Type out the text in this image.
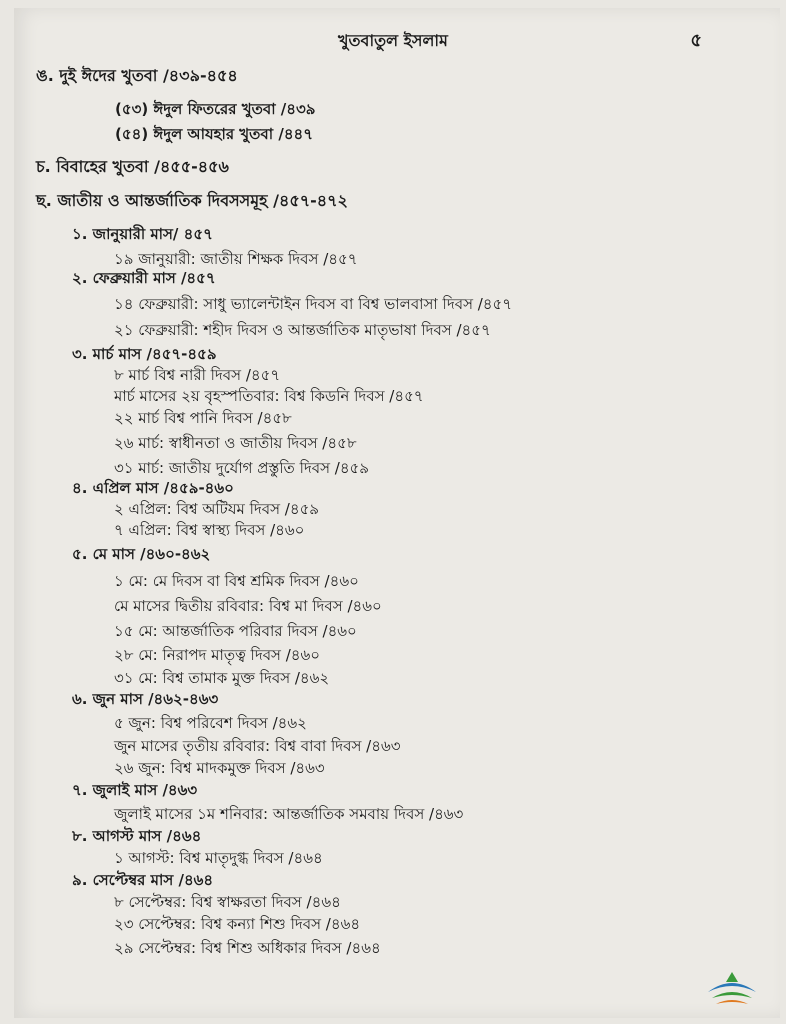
খুতবাতুল ইসলাম	৫
ঙ. দুই ঈদের খুতবা /৪৩৯-৪৫৪
(৫৩) ঈদুল ফিতরের খুতবা /৪৩৯
(৫৪) ঈদুল আযহার খুতবা /৪৪৭
চ. বিবাহের খুতবা /৪৫৫-৪৫৬
ছ. জাতীয় ও আন্তর্জাতিক দিবসসমূহ /৪৫৭-৪৭২
১. জানুয়ারী মাস/ ৪৫৭
১৯ জানুয়ারী: জাতীয় শিক্ষক দিবস /৪৫৭
২. ফেব্রুয়ারী মাস /৪৫৭
১৪ ফেব্রুয়ারী: সাধু ভ্যালেন্টাইন দিবস বা বিশ্ব ভালবাসা দিবস /৪৫৭
২১ ফেব্রুয়ারী: শহীদ দিবস ও আন্তর্জাতিক মাতৃভাষা দিবস /৪৫৭
৩. মার্চ মাস /৪৫৭-৪৫৯
৮ মার্চ বিশ্ব নারী দিবস /৪৫৭
মার্চ মাসের ২য় বৃহস্পতিবার: বিশ্ব কিডনি দিবস /৪৫৭
২২ মার্চ বিশ্ব পানি দিবস /৪৫৮
২৬ মার্চ: স্বাধীনতা ও জাতীয় দিবস /৪৫৮
৩১ মার্চ: জাতীয় দুর্যোগ প্রস্তুতি দিবস /৪৫৯
৪. এপ্রিল মাস /৪৫৯-৪৬০
২ এপ্রিল: বিশ্ব অটিযম দিবস /৪৫৯
৭ এপ্রিল: বিশ্ব স্বাস্থ্য দিবস /৪৬০
৫. মে মাস /৪৬০-৪৬২
১ মে: মে দিবস বা বিশ্ব শ্রমিক দিবস /৪৬০
মে মাসের দ্বিতীয় রবিবার: বিশ্ব মা দিবস /৪৬০
১৫ মে: আন্তর্জাতিক পরিবার দিবস /৪৬০
২৮ মে: নিরাপদ মাতৃত্ব দিবস /৪৬০
৩১ মে: বিশ্ব তামাক মুক্ত দিবস /৪৬২
৬. জুন মাস /৪৬২-৪৬৩
৫ জুন: বিশ্ব পরিবেশ দিবস /৪৬২
জুন মাসের তৃতীয় রবিবার: বিশ্ব বাবা দিবস /৪৬৩
২৬ জুন: বিশ্ব মাদকমুক্ত দিবস /৪৬৩
৭. জুলাই মাস /৪৬৩
জুলাই মাসের ১ম শনিবার: আন্তর্জাতিক সমবায় দিবস /৪৬৩
৮. আগস্ট মাস /৪৬৪
১ আগস্ট: বিশ্ব মাতৃদুগ্ধ দিবস /৪৬৪
৯. সেপ্টেম্বর মাস /৪৬৪
৮ সেপ্টেম্বর: বিশ্ব স্বাক্ষরতা দিবস /৪৬৪
২৩ সেপ্টেম্বর: বিশ্ব কন্যা শিশু দিবস /৪৬৪
২৯ সেপ্টেম্বর: বিশ্ব শিশু অধিকার দিবস /৪৬৪
